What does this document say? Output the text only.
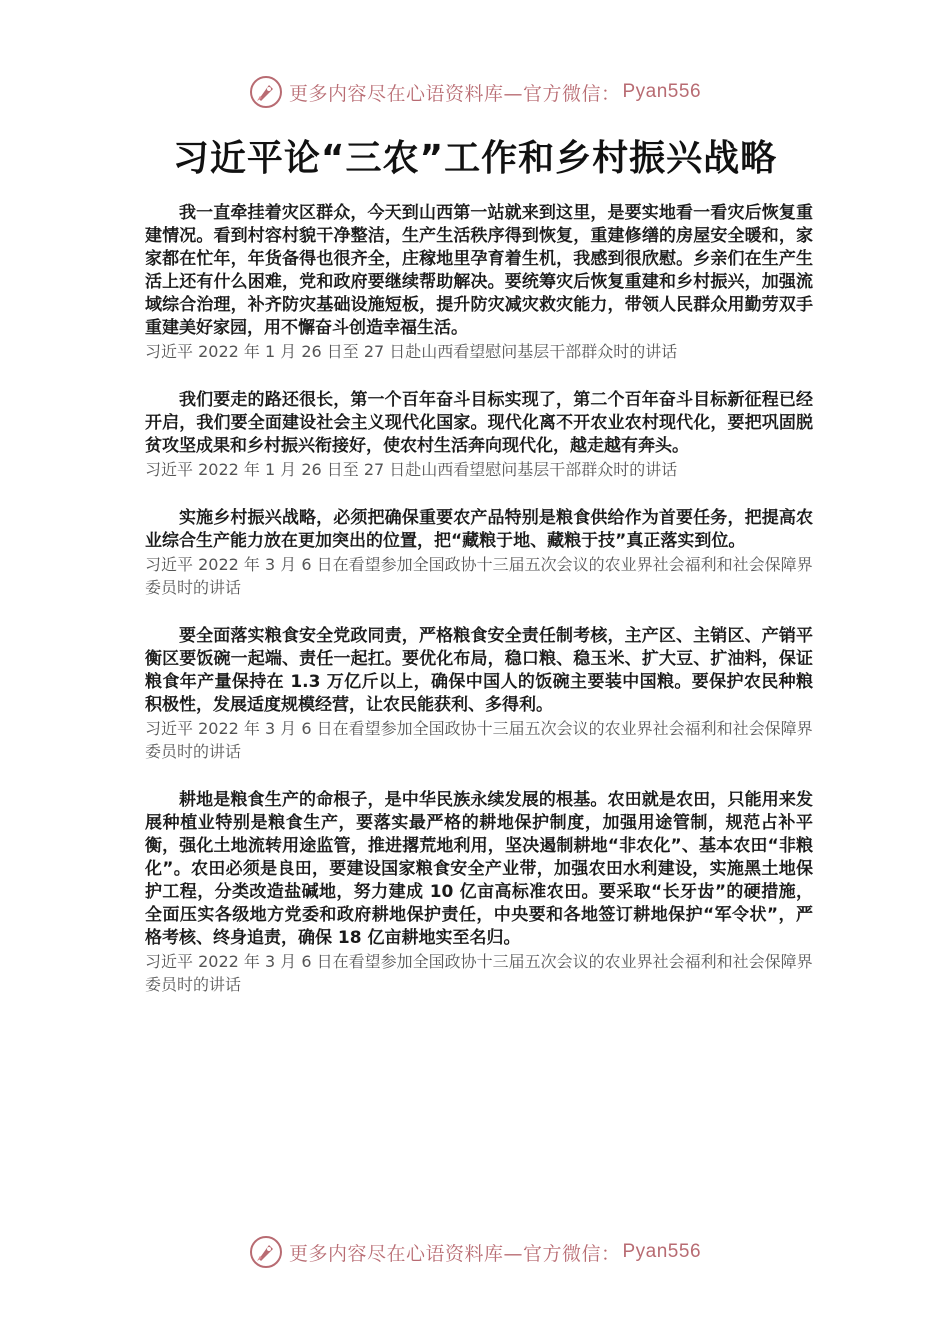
更多内容尽在心语资料库—官方微信： Pyan556
习近平论“三农”工作和乡村振兴战略

我一直牵挂着灾区群众，今天到山西第一站就来到这里，是要实地看一看灾后恢复重建情况。看到村容村貌干净整洁，生产生活秩序得到恢复，重建修缮的房屋安全暖和，家家都在忙年，年货备得也很齐全，庄稼地里孕育着生机，我感到很欣慰。乡亲们在生产生活上还有什么困难，党和政府要继续帮助解决。要统筹灾后恢复重建和乡村振兴，加强流域综合治理，补齐防灾基础设施短板，提升防灾减灾救灾能力，带领人民群众用勤劳双手重建美好家园，用不懈奋斗创造幸福生活。

习近平 2022 年 1 月 26 日至 27 日赴山西看望慰问基层干部群众时的讲话

我们要走的路还很长，第一个百年奋斗目标实现了，第二个百年奋斗目标新征程已经开启，我们要全面建设社会主义现代化国家。现代化离不开农业农村现代化，要把巩固脱贫攻坚成果和乡村振兴衔接好，使农村生活奔向现代化，越走越有奔头。

习近平 2022 年 1 月 26 日至 27 日赴山西看望慰问基层干部群众时的讲话

实施乡村振兴战略，必须把确保重要农产品特别是粮食供给作为首要任务，把提高农业综合生产能力放在更加突出的位置，把“藏粮于地、藏粮于技”真正落实到位。

习近平 2022 年 3 月 6 日在看望参加全国政协十三届五次会议的农业界社会福利和社会保障界委员时的讲话

要全面落实粮食安全党政同责，严格粮食安全责任制考核，主产区、主销区、产销平衡区要饭碗一起端、责任一起扛。要优化布局，稳口粮、稳玉米、扩大豆、扩油料，保证粮食年产量保持在 1.3 万亿斤以上，确保中国人的饭碗主要装中国粮。要保护农民种粮积极性，发展适度规模经营，让农民能获利、多得利。

习近平 2022 年 3 月 6 日在看望参加全国政协十三届五次会议的农业界社会福利和社会保障界委员时的讲话

耕地是粮食生产的命根子，是中华民族永续发展的根基。农田就是农田，只能用来发展种植业特别是粮食生产，要落实最严格的耕地保护制度，加强用途管制，规范占补平衡，强化土地流转用途监管，推进撂荒地利用，坚决遏制耕地“非农化”、基本农田“非粮化”。农田必须是良田，要建设国家粮食安全产业带，加强农田水利建设，实施黑土地保护工程，分类改造盐碱地，努力建成 10 亿亩高标准农田。要采取“长牙齿”的硬措施，全面压实各级地方党委和政府耕地保护责任，中央要和各地签订耕地保护“军令状”，严格考核、终身追责，确保 18 亿亩耕地实至名归。

习近平 2022 年 3 月 6 日在看望参加全国政协十三届五次会议的农业界社会福利和社会保障界委员时的讲话

更多内容尽在心语资料库—官方微信： Pyan556
